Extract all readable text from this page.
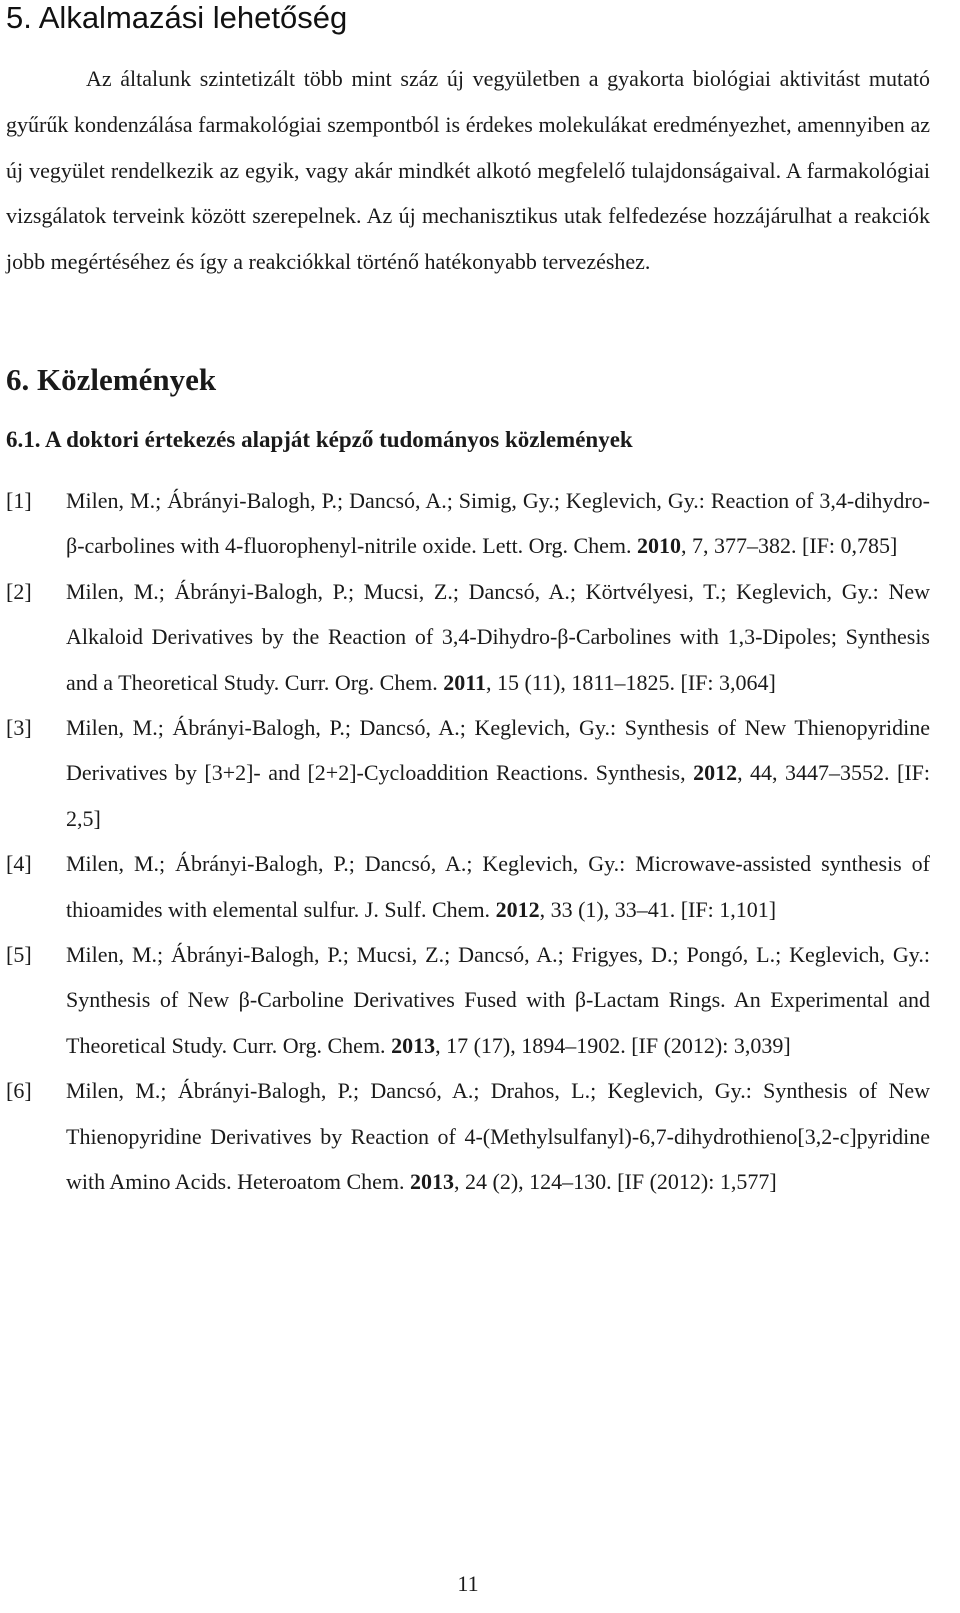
5. Alkalmazási lehetőség

Az általunk szintetizált több mint száz új vegyületben a gyakorta biológiai aktivitást mutató gyűrűk kondenzálása farmakológiai szempontból is érdekes molekulákat eredményezhet, amennyiben az új vegyület rendelkezik az egyik, vagy akár mindkét alkotó megfelelő tulajdonságaival. A farmakológiai vizsgálatok terveink között szerepelnek. Az új mechanisztikus utak felfedezése hozzájárulhat a reakciók jobb megértéséhez és így a reakciókkal történő hatékonyabb tervezéshez.

6. Közlemények
6.1. A doktori értekezés alapját képző tudományos közlemények
[1] Milen, M.; Ábrányi-Balogh, P.; Dancsó, A.; Simig, Gy.; Keglevich, Gy.: Reaction of 3,4-dihydro-β-carbolines with 4-fluorophenyl-nitrile oxide. Lett. Org. Chem. 2010, 7, 377–382. [IF: 0,785]
[2] Milen, M.; Ábrányi-Balogh, P.; Mucsi, Z.; Dancsó, A.; Körtvélyesi, T.; Keglevich, Gy.: New Alkaloid Derivatives by the Reaction of 3,4-Dihydro-β-Carbolines with 1,3-Dipoles; Synthesis and a Theoretical Study. Curr. Org. Chem. 2011, 15 (11), 1811–1825. [IF: 3,064]
[3] Milen, M.; Ábrányi-Balogh, P.; Dancsó, A.; Keglevich, Gy.: Synthesis of New Thienopyridine Derivatives by [3+2]- and [2+2]-Cycloaddition Reactions. Synthesis, 2012, 44, 3447–3552. [IF: 2,5]
[4] Milen, M.; Ábrányi-Balogh, P.; Dancsó, A.; Keglevich, Gy.: Microwave-assisted synthesis of thioamides with elemental sulfur. J. Sulf. Chem. 2012, 33 (1), 33–41. [IF: 1,101]
[5] Milen, M.; Ábrányi-Balogh, P.; Mucsi, Z.; Dancsó, A.; Frigyes, D.; Pongó, L.; Keglevich, Gy.: Synthesis of New β-Carboline Derivatives Fused with β-Lactam Rings. An Experimental and Theoretical Study. Curr. Org. Chem. 2013, 17 (17), 1894–1902. [IF (2012): 3,039]
[6] Milen, M.; Ábrányi-Balogh, P.; Dancsó, A.; Drahos, L.; Keglevich, Gy.: Synthesis of New Thienopyridine Derivatives by Reaction of 4-(Methylsulfanyl)-6,7-dihydrothieno[3,2-c]pyridine with Amino Acids. Heteroatom Chem. 2013, 24 (2), 124–130. [IF (2012): 1,577]
11
